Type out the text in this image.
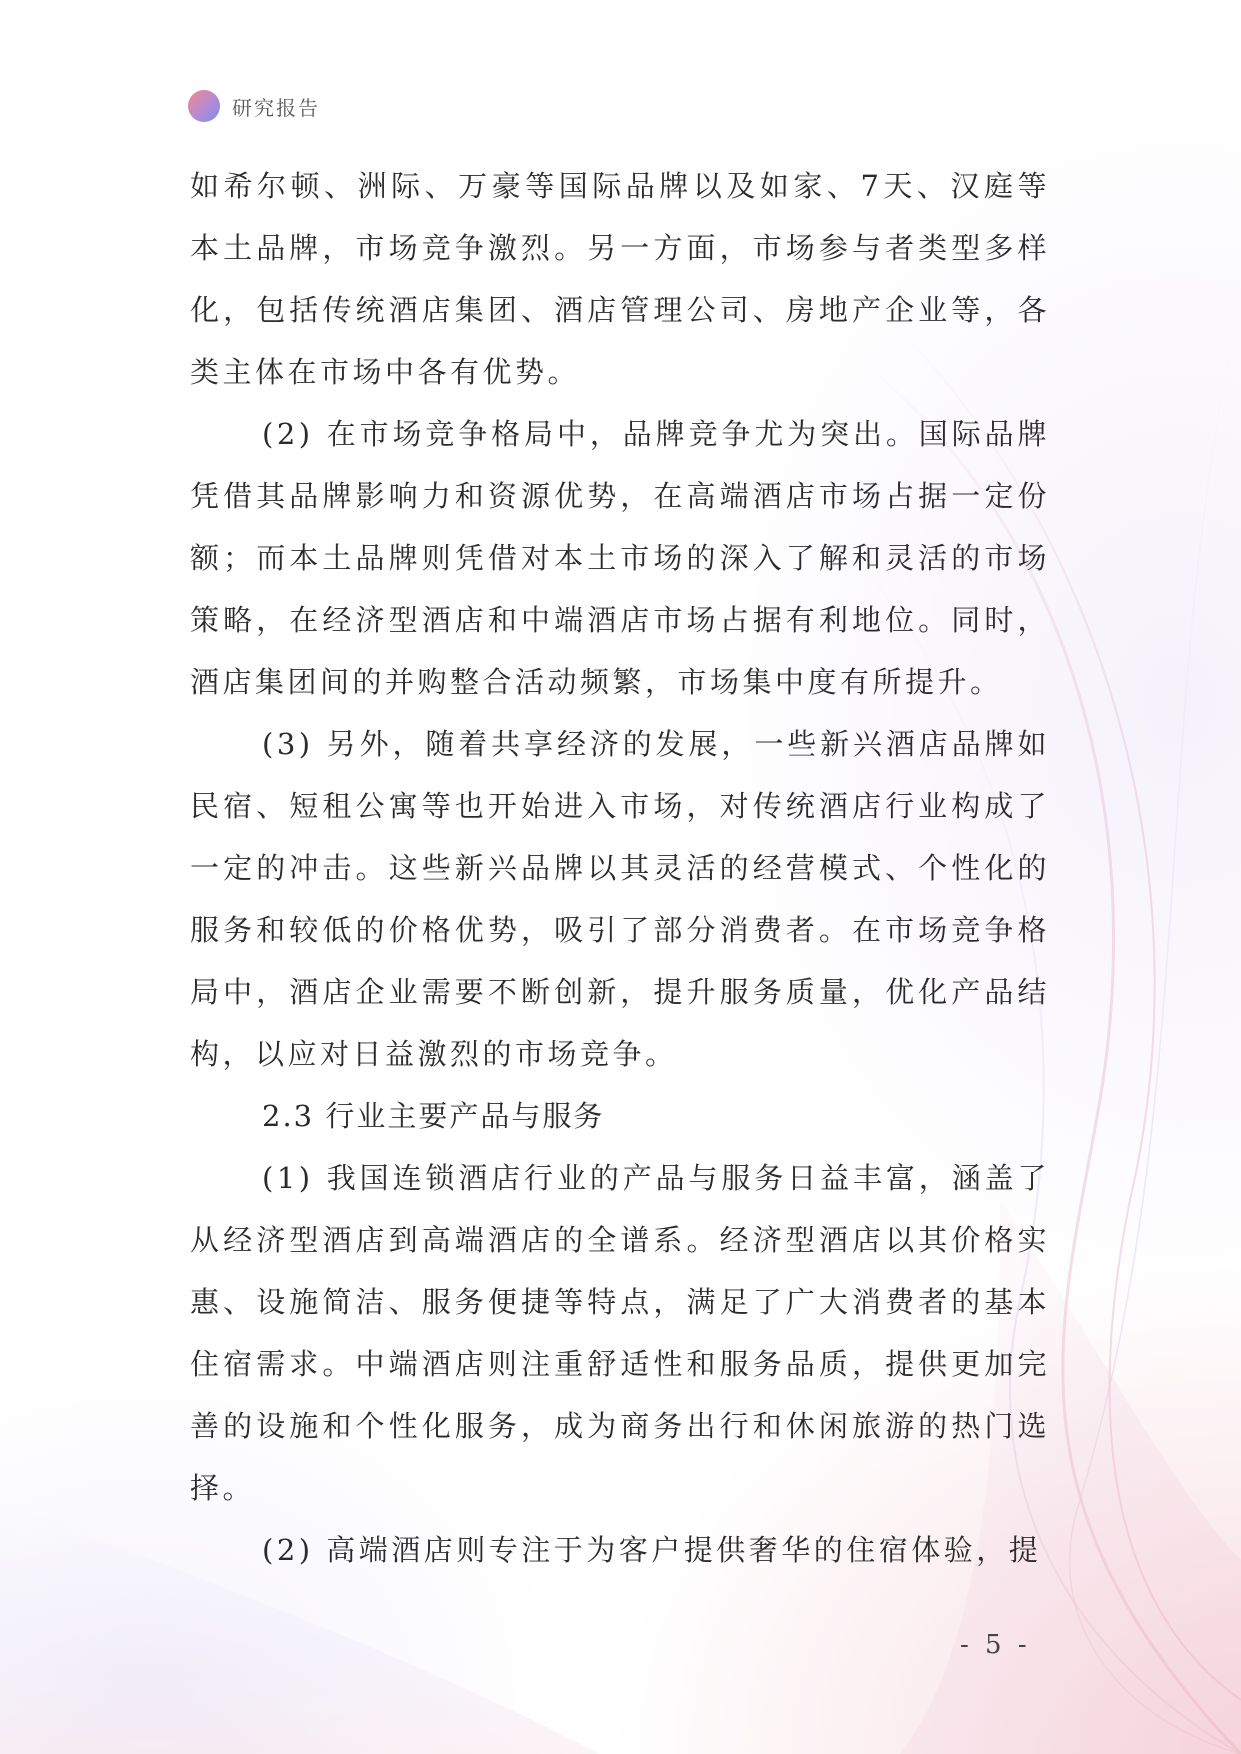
研究报告

如希尔顿、洲际、万豪等国际品牌以及如家、7天、汉庭等本土品牌，市场竞争激烈。另一方面，市场参与者类型多样化，包括传统酒店集团、酒店管理公司、房地产企业等，各类主体在市场中各有优势。

(2) 在市场竞争格局中，品牌竞争尤为突出。国际品牌凭借其品牌影响力和资源优势，在高端酒店市场占据一定份额；而本土品牌则凭借对本土市场的深入了解和灵活的市场策略，在经济型酒店和中端酒店市场占据有利地位。同时，酒店集团间的并购整合活动频繁，市场集中度有所提升。

(3) 另外，随着共享经济的发展，一些新兴酒店品牌如民宿、短租公寓等也开始进入市场，对传统酒店行业构成了一定的冲击。这些新兴品牌以其灵活的经营模式、个性化的服务和较低的价格优势，吸引了部分消费者。在市场竞争格局中，酒店企业需要不断创新，提升服务质量，优化产品结构，以应对日益激烈的市场竞争。

2.3 行业主要产品与服务

(1) 我国连锁酒店行业的产品与服务日益丰富，涵盖了从经济型酒店到高端酒店的全谱系。经济型酒店以其价格实惠、设施简洁、服务便捷等特点，满足了广大消费者的基本住宿需求。中端酒店则注重舒适性和服务品质，提供更加完善的设施和个性化服务，成为商务出行和休闲旅游的热门选择。

(2) 高端酒店则专注于为客户提供奢华的住宿体验，提

- 5 -
